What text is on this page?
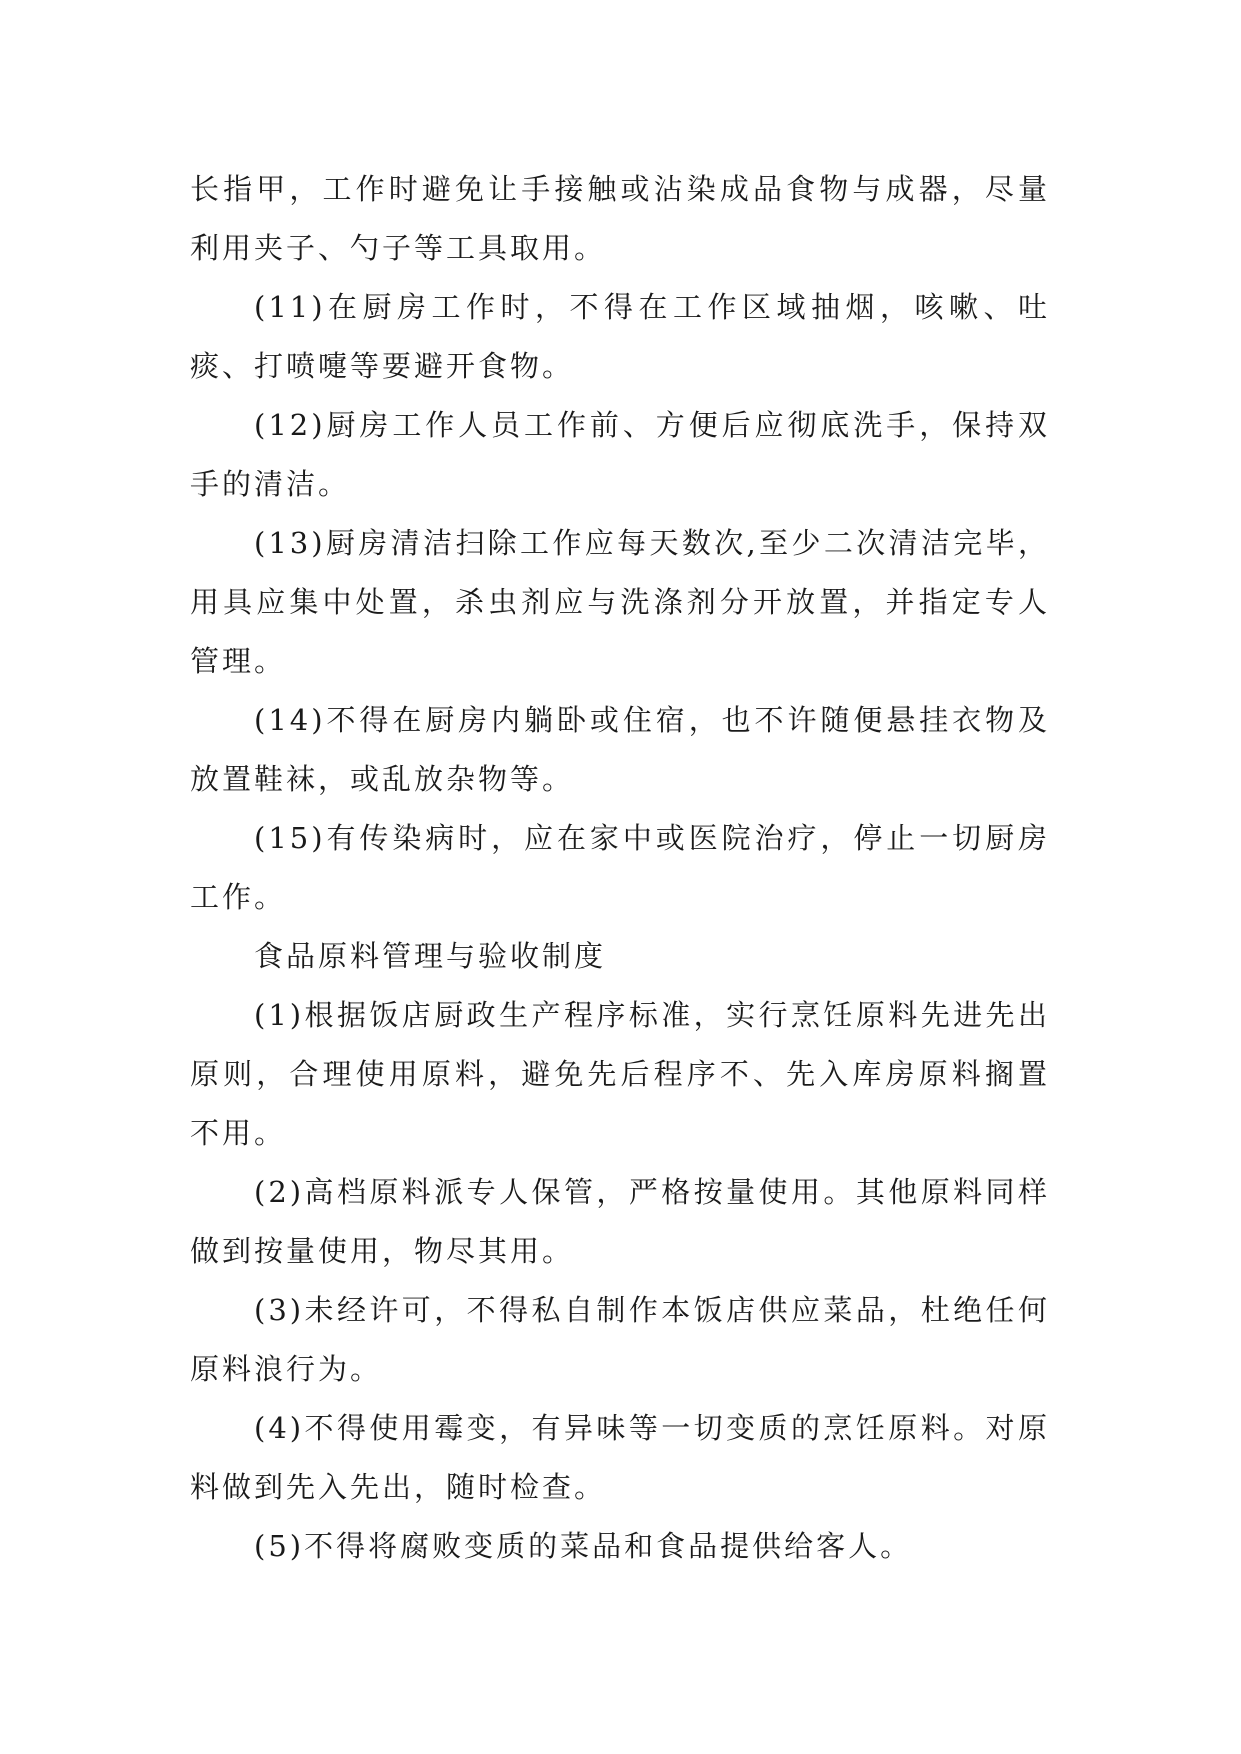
长指甲，工作时避免让手接触或沾染成品食物与成器，尽量利用夹子、勺子等工具取用。

(11)在厨房工作时，不得在工作区域抽烟，咳嗽、吐痰、打喷嚏等要避开食物。

(12)厨房工作人员工作前、方便后应彻底洗手，保持双手的清洁。

(13)厨房清洁扫除工作应每天数次,至少二次清洁完毕，用具应集中处置，杀虫剂应与洗涤剂分开放置，并指定专人管理。

(14)不得在厨房内躺卧或住宿，也不许随便悬挂衣物及放置鞋袜，或乱放杂物等。

(15)有传染病时，应在家中或医院治疗，停止一切厨房工作。

食品原料管理与验收制度

(1)根据饭店厨政生产程序标准，实行烹饪原料先进先出原则，合理使用原料，避免先后程序不、先入库房原料搁置不用。

(2)高档原料派专人保管，严格按量使用。其他原料同样做到按量使用，物尽其用。

(3)未经许可，不得私自制作本饭店供应菜品，杜绝任何原料浪行为。

(4)不得使用霉变，有异味等一切变质的烹饪原料。对原料做到先入先出，随时检查。

(5)不得将腐败变质的菜品和食品提供给客人。
